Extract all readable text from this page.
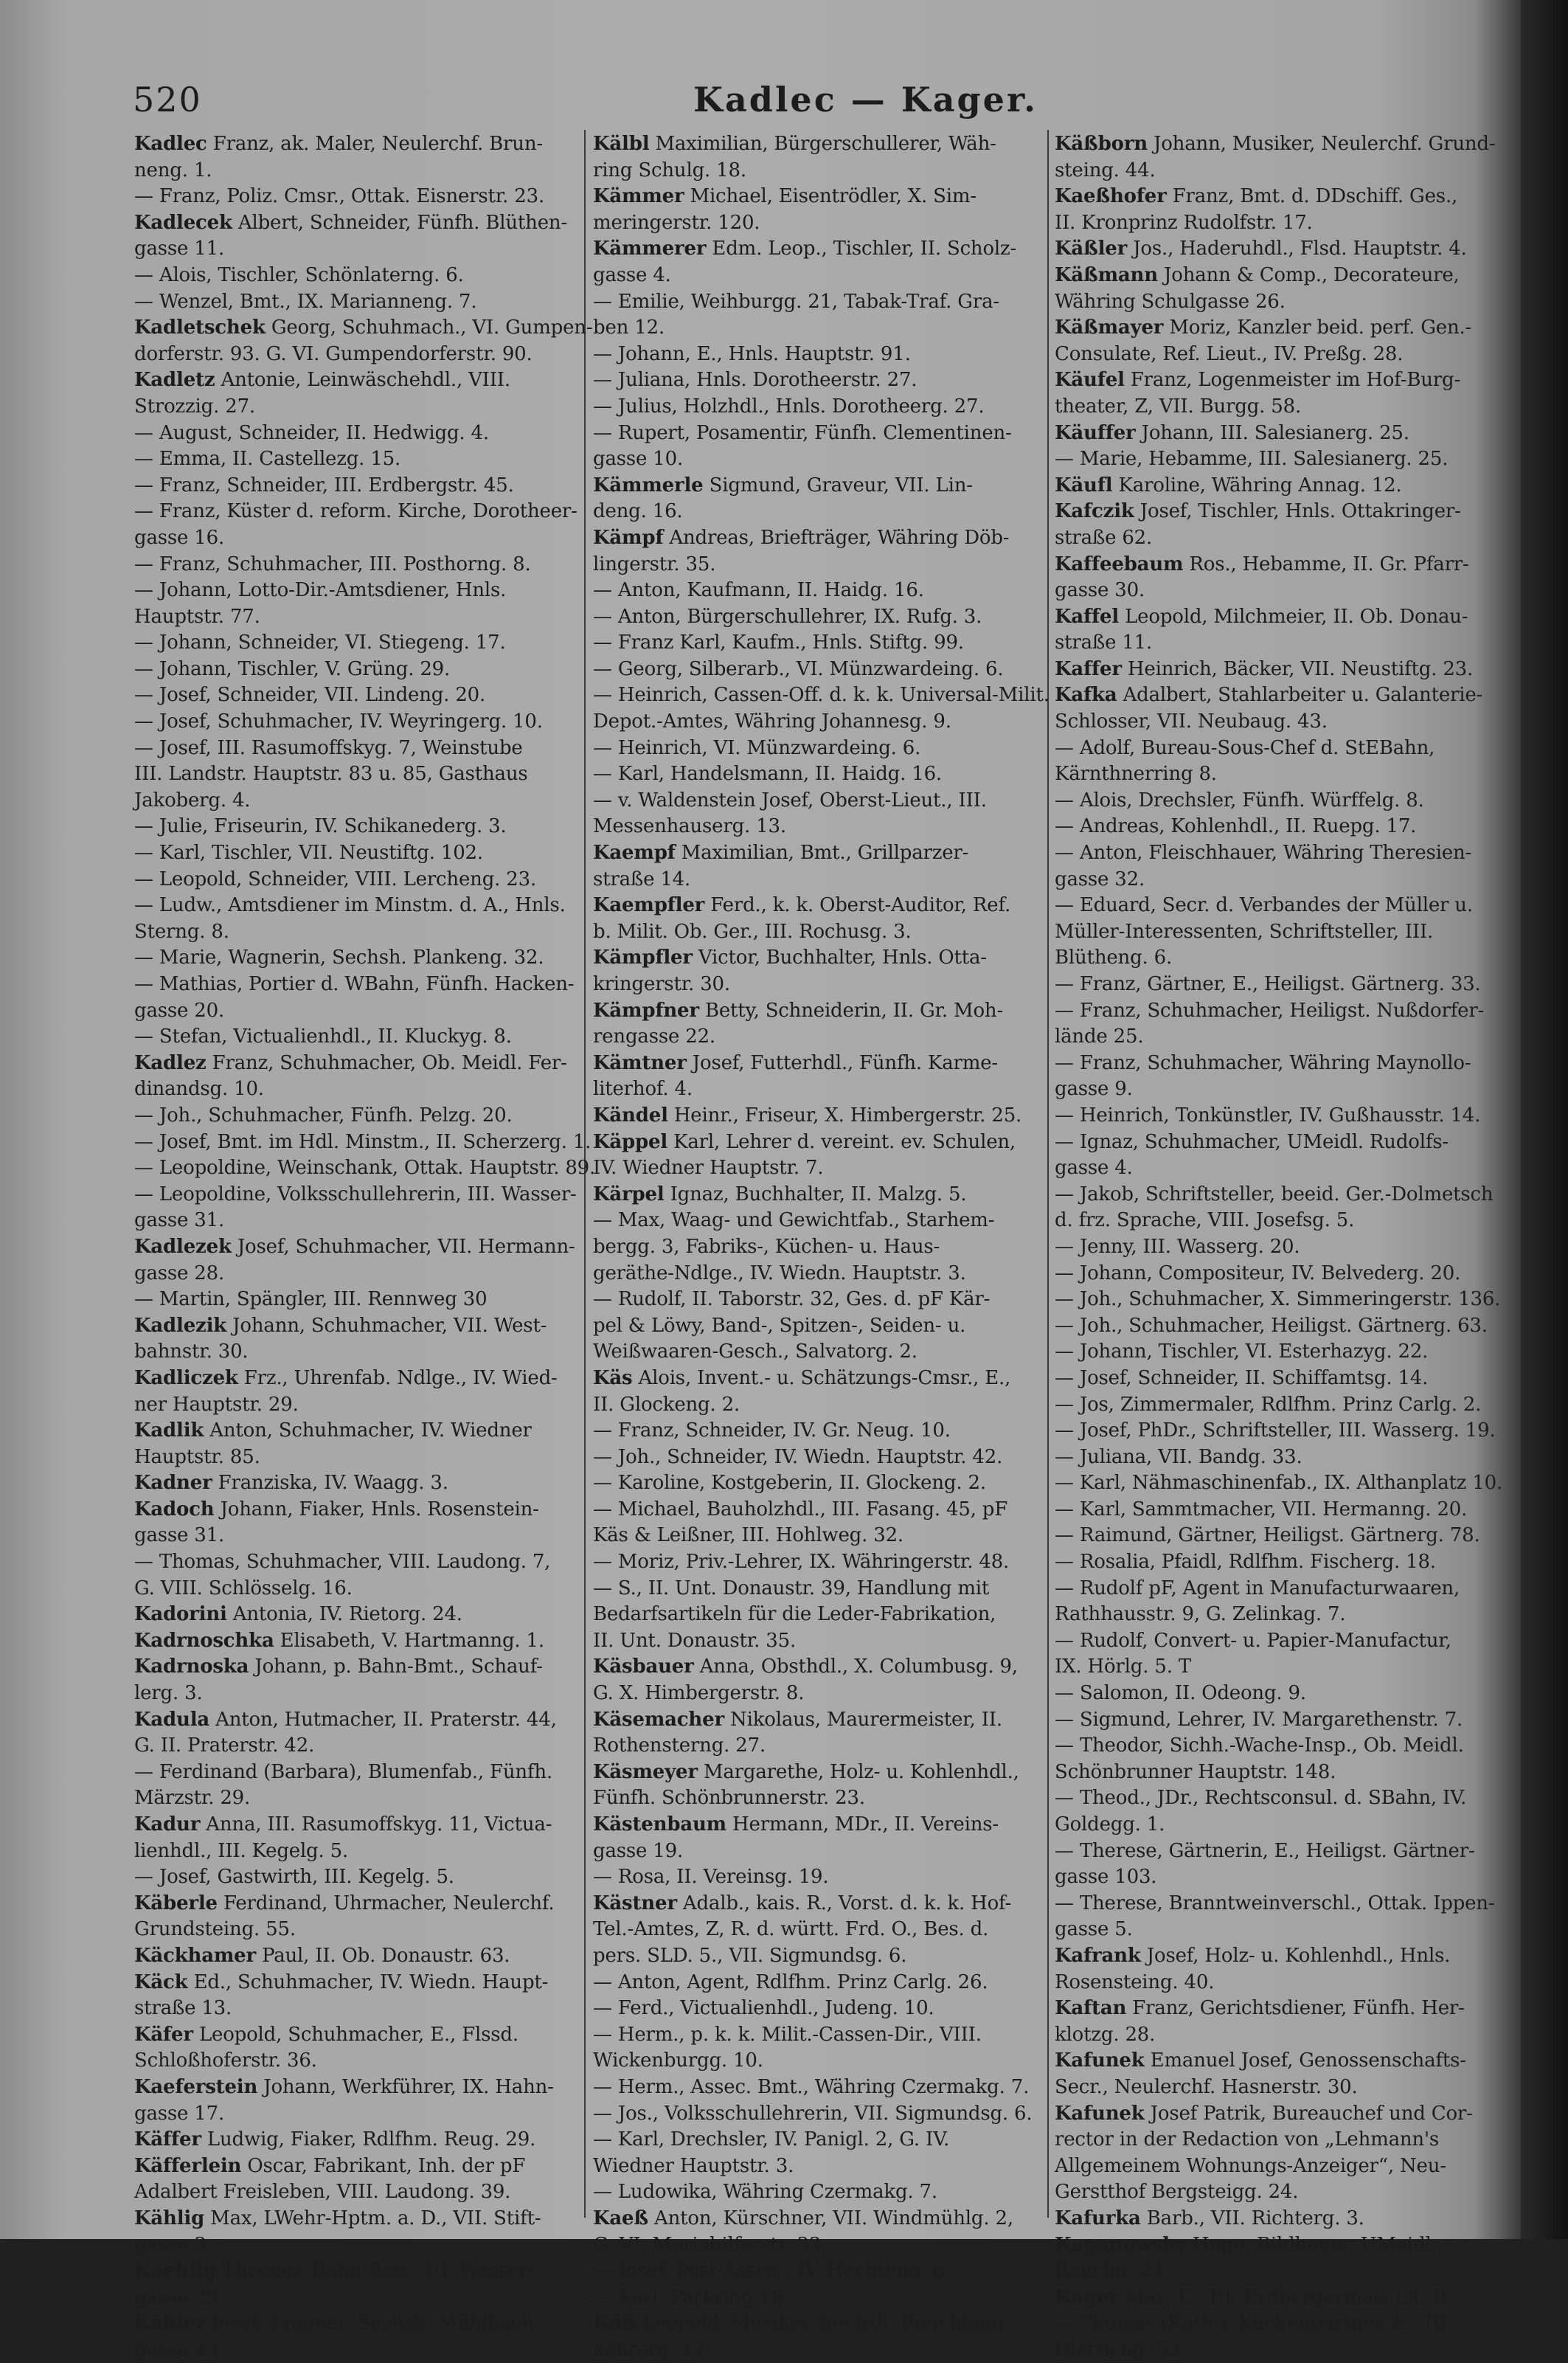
520	Kadlec — Kager.
Kadlec Franz, ak. Maler, Neulerchf. Brun-
neng. 1.
— Franz, Poliz. Cmsr., Ottak. Eisnerstr. 23.
Kadlecek Albert, Schneider, Fünfh. Blüthen-
gasse 11.
— Alois, Tischler, Schönlaterng. 6.
— Wenzel, Bmt., IX. Marianneng. 7.
Kadletschek Georg, Schuhmach., VI. Gumpen-
dorferstr. 93. G. VI. Gumpendorferstr. 90.
Kadletz Antonie, Leinwäschehdl., VIII.
Strozzig. 27.
— August, Schneider, II. Hedwigg. 4.
— Emma, II. Castellezg. 15.
— Franz, Schneider, III. Erdbergstr. 45.
— Franz, Küster d. reform. Kirche, Dorotheer-
gasse 16.
— Franz, Schuhmacher, III. Posthorng. 8.
— Johann, Lotto-Dir.-Amtsdiener, Hnls.
Hauptstr. 77.
— Johann, Schneider, VI. Stiegeng. 17.
— Johann, Tischler, V. Grüng. 29.
— Josef, Schneider, VII. Lindeng. 20.
— Josef, Schuhmacher, IV. Weyringerg. 10.
— Josef, III. Rasumoffskyg. 7, Weinstube
III. Landstr. Hauptstr. 83 u. 85, Gasthaus
Jakoberg. 4.
— Julie, Friseurin, IV. Schikanederg. 3.
— Karl, Tischler, VII. Neustiftg. 102.
— Leopold, Schneider, VIII. Lercheng. 23.
— Ludw., Amtsdiener im Minstm. d. A., Hnls.
Sterng. 8.
— Marie, Wagnerin, Sechsh. Plankeng. 32.
— Mathias, Portier d. WBahn, Fünfh. Hacken-
gasse 20.
— Stefan, Victualienhdl., II. Kluckyg. 8.
Kadlez Franz, Schuhmacher, Ob. Meidl. Fer-
dinandsg. 10.
— Joh., Schuhmacher, Fünfh. Pelzg. 20.
— Josef, Bmt. im Hdl. Minstm., II. Scherzerg. 1.
— Leopoldine, Weinschank, Ottak. Hauptstr. 89.
— Leopoldine, Volksschullehrerin, III. Wasser-
gasse 31.
Kadlezek Josef, Schuhmacher, VII. Hermann-
gasse 28.
— Martin, Spängler, III. Rennweg 30
Kadlezik Johann, Schuhmacher, VII. West-
bahnstr. 30.
Kadliczek Frz., Uhrenfab. Ndlge., IV. Wied-
ner Hauptstr. 29.
Kadlik Anton, Schuhmacher, IV. Wiedner
Hauptstr. 85.
Kadner Franziska, IV. Waagg. 3.
Kadoch Johann, Fiaker, Hnls. Rosenstein-
gasse 31.
— Thomas, Schuhmacher, VIII. Laudong. 7,
G. VIII. Schlösselg. 16.
Kadorini Antonia, IV. Rietorg. 24.
Kadrnoschka Elisabeth, V. Hartmanng. 1.
Kadrnoska Johann, p. Bahn-Bmt., Schauf-
lerg. 3.
Kadula Anton, Hutmacher, II. Praterstr. 44,
G. II. Praterstr. 42.
— Ferdinand (Barbara), Blumenfab., Fünfh.
Märzstr. 29.
Kadur Anna, III. Rasumoffskyg. 11, Victua-
lienhdl., III. Kegelg. 5.
— Josef, Gastwirth, III. Kegelg. 5.
Käberle Ferdinand, Uhrmacher, Neulerchf.
Grundsteing. 55.
Käckhamer Paul, II. Ob. Donaustr. 63.
Käck Ed., Schuhmacher, IV. Wiedn. Haupt-
straße 13.
Käfer Leopold, Schuhmacher, E., Flssd.
Schloßhoferstr. 36.
Kaeferstein Johann, Werkführer, IX. Hahn-
gasse 17.
Käffer Ludwig, Fiaker, Rdlfhm. Reug. 29.
Käfferlein Oscar, Fabrikant, Inh. der pF
Adalbert Freisleben, VIII. Laudong. 39.
Kählig Max, LWehr-Hptm. a. D., VII. Stift-
gasse 3.
Kaehlig Theodor, Bahn-Bmt., III. Wasser-
gasse 29.
Käkler Josef, Fragner, Sechsh. Mühlbach-
gasse 43.
Kälbl Maximilian, Bürgerschullerer, Wäh-
ring Schulg. 18.
Kämmer Michael, Eisentrödler, X. Sim-
meringerstr. 120.
Kämmerer Edm. Leop., Tischler, II. Scholz-
gasse 4.
— Emilie, Weihburgg. 21, Tabak-Traf. Gra-
ben 12.
— Johann, E., Hnls. Hauptstr. 91.
— Juliana, Hnls. Dorotheerstr. 27.
— Julius, Holzhdl., Hnls. Dorotheerg. 27.
— Rupert, Posamentir, Fünfh. Clementinen-
gasse 10.
Kämmerle Sigmund, Graveur, VII. Lin-
deng. 16.
Kämpf Andreas, Briefträger, Währing Döb-
lingerstr. 35.
— Anton, Kaufmann, II. Haidg. 16.
— Anton, Bürgerschullehrer, IX. Rufg. 3.
— Franz Karl, Kaufm., Hnls. Stiftg. 99.
— Georg, Silberarb., VI. Münzwardeing. 6.
— Heinrich, Cassen-Off. d. k. k. Universal-Milit.
Depot.-Amtes, Währing Johannesg. 9.
— Heinrich, VI. Münzwardeing. 6.
— Karl, Handelsmann, II. Haidg. 16.
— v. Waldenstein Josef, Oberst-Lieut., III.
Messenhauserg. 13.
Kaempf Maximilian, Bmt., Grillparzer-
straße 14.
Kaempfler Ferd., k. k. Oberst-Auditor, Ref.
b. Milit. Ob. Ger., III. Rochusg. 3.
Kämpfler Victor, Buchhalter, Hnls. Otta-
kringerstr. 30.
Kämpfner Betty, Schneiderin, II. Gr. Moh-
rengasse 22.
Kämtner Josef, Futterhdl., Fünfh. Karme-
literhof. 4.
Kändel Heinr., Friseur, X. Himbergerstr. 25.
Käppel Karl, Lehrer d. vereint. ev. Schulen,
IV. Wiedner Hauptstr. 7.
Kärpel Ignaz, Buchhalter, II. Malzg. 5.
— Max, Waag- und Gewichtfab., Starhem-
bergg. 3, Fabriks-, Küchen- u. Haus-
geräthe-Ndlge., IV. Wiedn. Hauptstr. 3.
— Rudolf, II. Taborstr. 32, Ges. d. pF Kär-
pel & Löwy, Band-, Spitzen-, Seiden- u.
Weißwaaren-Gesch., Salvatorg. 2.
Käs Alois, Invent.- u. Schätzungs-Cmsr., E.,
II. Glockeng. 2.
— Franz, Schneider, IV. Gr. Neug. 10.
— Joh., Schneider, IV. Wiedn. Hauptstr. 42.
— Karoline, Kostgeberin, II. Glockeng. 2.
— Michael, Bauholzhdl., III. Fasang. 45, pF
Käs & Leißner, III. Hohlweg. 32.
— Moriz, Priv.-Lehrer, IX. Währingerstr. 48.
— S., II. Unt. Donaustr. 39, Handlung mit
Bedarfsartikeln für die Leder-Fabrikation,
II. Unt. Donaustr. 35.
Käsbauer Anna, Obsthdl., X. Columbusg. 9,
G. X. Himbergerstr. 8.
Käsemacher Nikolaus, Maurermeister, II.
Rothensterng. 27.
Käsmeyer Margarethe, Holz- u. Kohlenhdl.,
Fünfh. Schönbrunnerstr. 23.
Kästenbaum Hermann, MDr., II. Vereins-
gasse 19.
— Rosa, II. Vereinsg. 19.
Kästner Adalb., kais. R., Vorst. d. k. k. Hof-
Tel.-Amtes, Z, R. d. württ. Frd. O., Bes. d.
pers. SLD. 5., VII. Sigmundsg. 6.
— Anton, Agent, Rdlfhm. Prinz Carlg. 26.
— Ferd., Victualienhdl., Judeng. 10.
— Herm., p. k. k. Milit.-Cassen-Dir., VIII.
Wickenburgg. 10.
— Herm., Assec. Bmt., Währing Czermakg. 7.
— Jos., Volksschullehrerin, VII. Sigmundsg. 6.
— Karl, Drechsler, IV. Panigl. 2, G. IV.
Wiedner Hauptstr. 3.
— Ludowika, Währing Czermakg. 7.
Kaeß Anton, Kürschner, VII. Windmühlg. 2,
G. VI. Mariahilferstr. 33.
— Josef, Post-Assist., IV. Hechteng. 6.
— Karl, Parkring 18.
Käß Leopold, Musiker, Sechsh. Rauchfang-
kehrerg. 17.
Käßborn Johann, Musiker, Neulerchf. Grund-
steing. 44.
Kaeßhofer Franz, Bmt. d. DDschiff. Ges.,
II. Kronprinz Rudolfstr. 17.
Käßler Jos., Haderuhdl., Flsd. Hauptstr. 4.
Käßmann Johann & Comp., Decorateure,
Währing Schulgasse 26.
Käßmayer Moriz, Kanzler beid. perf. Gen.-
Consulate, Ref. Lieut., IV. Preßg. 28.
Käufel Franz, Logenmeister im Hof-Burg-
theater, Z, VII. Burgg. 58.
Käuffer Johann, III. Salesianerg. 25.
— Marie, Hebamme, III. Salesianerg. 25.
Käufl Karoline, Währing Annag. 12.
Kafczik Josef, Tischler, Hnls. Ottakringer-
straße 62.
Kaffeebaum Ros., Hebamme, II. Gr. Pfarr-
gasse 30.
Kaffel Leopold, Milchmeier, II. Ob. Donau-
straße 11.
Kaffer Heinrich, Bäcker, VII. Neustiftg. 23.
Kafka Adalbert, Stahlarbeiter u. Galanterie-
Schlosser, VII. Neubaug. 43.
— Adolf, Bureau-Sous-Chef d. StEBahn,
Kärnthnerring 8.
— Alois, Drechsler, Fünfh. Würffelg. 8.
— Andreas, Kohlenhdl., II. Ruepg. 17.
— Anton, Fleischhauer, Währing Theresien-
gasse 32.
— Eduard, Secr. d. Verbandes der Müller u.
Müller-Interessenten, Schriftsteller, III.
Blütheng. 6.
— Franz, Gärtner, E., Heiligst. Gärtnerg. 33.
— Franz, Schuhmacher, Heiligst. Nußdorfer-
lände 25.
— Franz, Schuhmacher, Währing Maynollo-
gasse 9.
— Heinrich, Tonkünstler, IV. Gußhausstr. 14.
— Ignaz, Schuhmacher, UMeidl. Rudolfs-
gasse 4.
— Jakob, Schriftsteller, beeid. Ger.-Dolmetsch
d. frz. Sprache, VIII. Josefsg. 5.
— Jenny, III. Wasserg. 20.
— Johann, Compositeur, IV. Belvederg. 20.
— Joh., Schuhmacher, X. Simmeringerstr. 136.
— Joh., Schuhmacher, Heiligst. Gärtnerg. 63.
— Johann, Tischler, VI. Esterhazyg. 22.
— Josef, Schneider, II. Schiffamtsg. 14.
— Jos, Zimmermaler, Rdlfhm. Prinz Carlg. 2.
— Josef, PhDr., Schriftsteller, III. Wasserg. 19.
— Juliana, VII. Bandg. 33.
— Karl, Nähmaschinenfab., IX. Althanplatz 10.
— Karl, Sammtmacher, VII. Hermanng. 20.
— Raimund, Gärtner, Heiligst. Gärtnerg. 78.
— Rosalia, Pfaidl, Rdlfhm. Fischerg. 18.
— Rudolf pF, Agent in Manufacturwaaren,
Rathhausstr. 9, G. Zelinkag. 7.
— Rudolf, Convert- u. Papier-Manufactur,
IX. Hörlg. 5. T
— Salomon, II. Odeong. 9.
— Sigmund, Lehrer, IV. Margarethenstr. 7.
— Theodor, Sichh.-Wache-Insp., Ob. Meidl.
Schönbrunner Hauptstr. 148.
— Theod., JDr., Rechtsconsul. d. SBahn, IV.
Goldegg. 1.
— Therese, Gärtnerin, E., Heiligst. Gärtner-
gasse 103.
— Therese, Branntweinverschl., Ottak. Ippen-
gasse 5.
Kafrank Josef, Holz- u. Kohlenhdl., Hnls.
Rosensteing. 40.
Kaftan Franz, Gerichtsdiener, Fünfh. Her-
klotzg. 28.
Kafunek Emanuel Josef, Genossenschafts-
Secr., Neulerchf. Hasnerstr. 30.
Kafunek Josef Patrik, Bureauchef und Cor-
rector in der Redaction von „Lehmann's
Allgemeinem Wohnungs-Anzeiger“, Neu-
Gerstthof Bergsteigg. 24.
Kafurka Barb., VII. Richterg. 3.
Kaganowsky Hugo, Bildhauer, UMeidl.
Rauchg. 24
Kager Max, E., III. Erdbergermais Lit. B.
— Thomas (Kath.), Küchengärtner, E., III.
Dietrichg. 52.
